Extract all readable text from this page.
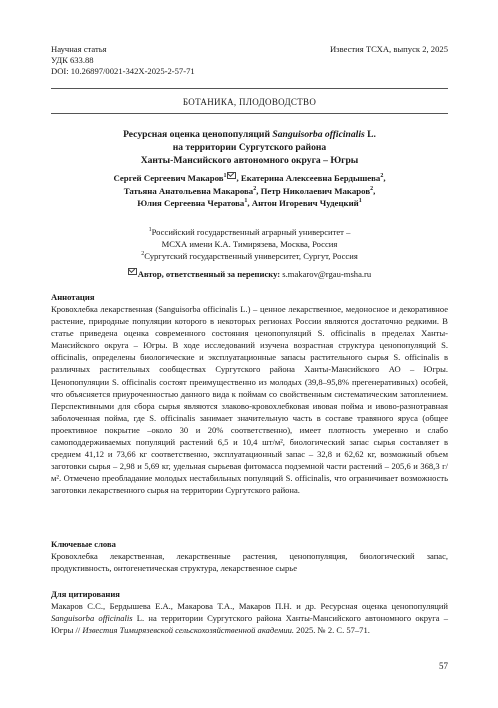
Научная статья
УДК 633.88
DOI: 10.26897/0021-342X-2025-2-57-71
Известия ТСХА, выпуск 2, 2025
БОТАНИКА, ПЛОДОВОДСТВО
Ресурсная оценка ценопопуляций Sanguisorba officinalis L.
на территории Сургутского района
Ханты-Мансийского автономного округа – Югры
Сергей Сергеевич Макаров$^1$ , Екатерина Алексеевна Бердышева$^2$,
Татьяна Анатольевна Макарова$^2$, Петр Николаевич Макаров$^2$,
Юлия Сергеевна Чератова$^1$, Антон Игоревич Чудецкий$^1$
$^1$Российский государственный аграрный университет –
МСХА имени К.А. Тимирязева, Москва, Россия
$^2$Сургутский государственный университет, Сургут, Россия
Автор, ответственный за переписку: s.makarov@rgau-msha.ru
Аннотация
Кровохлебка лекарственная (Sanguisorba officinalis L.) – ценное лекарственное, медоносное и декоративное растение, природные популяции которого в некоторых регионах России являются достаточно редкими. В статье приведена оценка современного состояния ценопопуляций S. officinalis в пределах Ханты-Мансийского округа – Югры. В ходе исследований изучена возрастная структура ценопопуляций S. officinalis, определены биологические и эксплуатационные запасы растительного сырья S. officinalis в различных растительных сообществах Сургутского района Ханты-Мансийского АО – Югры. Ценопопуляции S. officinalis состоят преимущественно из молодых (39,8–95,8% прегенеративных) особей, что объясняется приуроченностью данного вида к поймам со свойственным систематическим затоплением. Перспективными для сбора сырья являются злаково-кровохлебковая ивовая пойма и ивово-разнотравная заболоченная пойма, где S. officinalis занимает значительную часть в составе травяного яруса (общее проективное покрытие –около 30 и 20% соответственно), имеет плотность умеренно и слабо самоподдерживаемых популяций растений 6,5 и 10,4 шт/м², биологический запас сырья составляет в среднем 41,12 и 73,66 кг соответственно, эксплуатационный запас – 32,8 и 62,62 кг, возможный объем заготовки сырья – 2,98 и 5,69 кг, удельная сырьевая фитомасса подземной части растений – 205,6 и 368,3 г/м². Отмечено преобладание молодых нестабильных популяций S. officinalis, что ограничивает возможность заготовки лекарственного сырья на территории Сургутского района.
Ключевые слова
Кровохлебка лекарственная, лекарственные растения, ценопопуляция, биологический запас, продуктивность, онтогенетическая структура, лекарственное сырье
Для цитирования
Макаров С.С., Бердышева Е.А., Макарова Т.А., Макаров П.Н. и др. Ресурсная оценка ценопопуляций Sanguisorba officinalis L. на территории Сургутского района Ханты-Мансийского автономного округа – Югры // Известия Тимирязевской сельскохозяйственной академии. 2025. № 2. С. 57–71.
57
